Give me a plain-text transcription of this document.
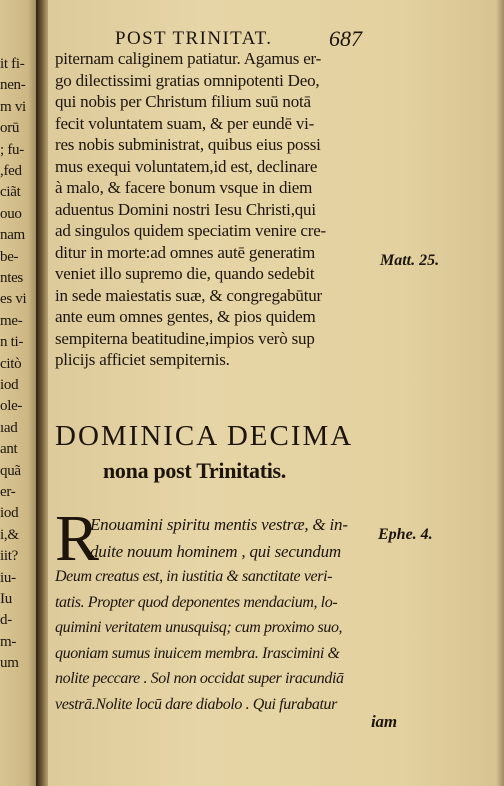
it fi-
nen-
m vi
orū
; fu-
,fed
ciãt
ouo
nam
be-
ntes
es vi
me-
n ti-
citò
iod
ole-
ıad
ant
quã
er-
iod
i,&
iit?
iu-
Iu
d-
m-
um
POST TRINITAT.	687
piternam caliginem patiatur. Agamus er-
go dilectissimi gratias omnipotenti Deo,
qui nobis per Christum filium suū notā
fecit voluntatem suam, & per eundē vi-
res nobis subministrat, quibus eius possi
mus exequi voluntatem,id est, declinare
à malo, & facere bonum vsque in diem
aduentus Domini nostri Iesu Christi,qui
ad singulos quidem speciatim venire cre-
ditur in morte:ad omnes autē generatim
veniet illo supremo die, quando sedebit
in sede maiestatis suæ, & congregabūtur
ante eum omnes gentes, & pios quidem
sempiterna beatitudine,impios verò sup
plicijs afficiet sempiternis.
DOMINICA DECIMA
nona post Trinitatis.
R
Enouamini spiritu mentis vestræ, & in-
duite nouum hominem , qui secundum
Deum creatus est, in iustitia & sanctitate veri-
tatis. Propter quod deponentes mendacium, lo-
quimini veritatem unusquisq; cum proximo suo,
quoniam sumus inuicem membra. Irascimini &
nolite peccare . Sol non occidat super iracundiā
vestrā.Nolite locū dare diabolo . Qui furabatur
iam
Matt. 25.
Ephe. 4.
